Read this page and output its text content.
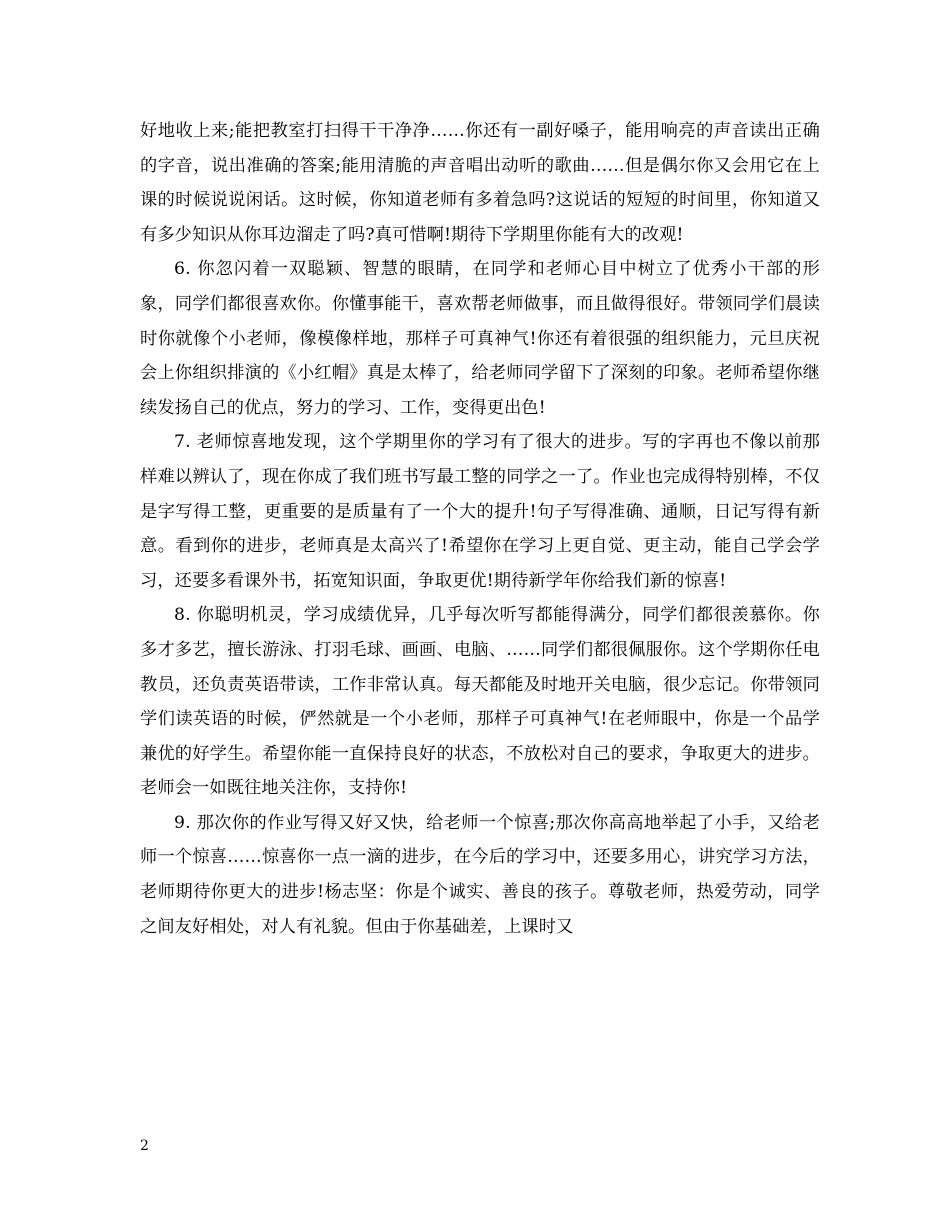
好地收上来;能把教室打扫得干干净净……你还有一副好嗓子，能用响亮的声音读出正确的字音，说出准确的答案;能用清脆的声音唱出动听的歌曲……但是偶尔你又会用它在上课的时候说说闲话。这时候，你知道老师有多着急吗?这说话的短短的时间里，你知道又有多少知识从你耳边溜走了吗?真可惜啊!期待下学期里你能有大的改观!

6. 你忽闪着一双聪颖、智慧的眼睛，在同学和老师心目中树立了优秀小干部的形象，同学们都很喜欢你。你懂事能干，喜欢帮老师做事，而且做得很好。带领同学们晨读时你就像个小老师，像模像样地，那样子可真神气!你还有着很强的组织能力，元旦庆祝会上你组织排演的《小红帽》真是太棒了，给老师同学留下了深刻的印象。老师希望你继续发扬自己的优点，努力的学习、工作，变得更出色!

7. 老师惊喜地发现，这个学期里你的学习有了很大的进步。写的字再也不像以前那样难以辨认了，现在你成了我们班书写最工整的同学之一了。作业也完成得特别棒，不仅是字写得工整，更重要的是质量有了一个大的提升!句子写得准确、通顺，日记写得有新意。看到你的进步，老师真是太高兴了!希望你在学习上更自觉、更主动，能自己学会学习，还要多看课外书，拓宽知识面，争取更优!期待新学年你给我们新的惊喜!

8. 你聪明机灵，学习成绩优异，几乎每次听写都能得满分，同学们都很羡慕你。你多才多艺，擅长游泳、打羽毛球、画画、电脑、……同学们都很佩服你。这个学期你任电教员，还负责英语带读，工作非常认真。每天都能及时地开关电脑，很少忘记。你带领同学们读英语的时候，俨然就是一个小老师，那样子可真神气!在老师眼中，你是一个品学兼优的好学生。希望你能一直保持良好的状态，不放松对自己的要求，争取更大的进步。老师会一如既往地关注你，支持你!

9. 那次你的作业写得又好又快，给老师一个惊喜;那次你高高地举起了小手，又给老师一个惊喜……惊喜你一点一滴的进步，在今后的学习中，还要多用心，讲究学习方法，老师期待你更大的进步!杨志坚：你是个诚实、善良的孩子。尊敬老师，热爱劳动，同学之间友好相处，对人有礼貌。但由于你基础差，上课时又

2
